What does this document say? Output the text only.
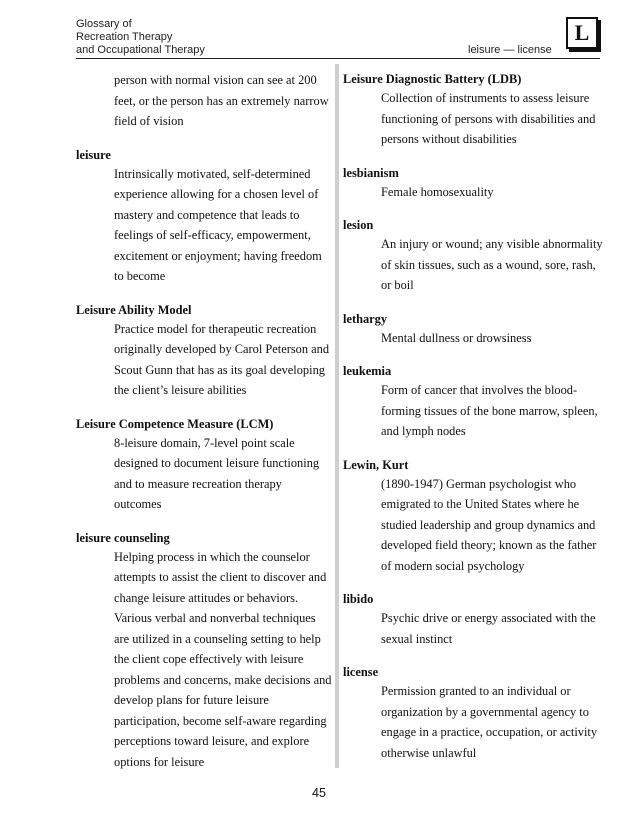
Glossary of
Recreation Therapy
and Occupational Therapy	leisure — license
L
person with normal vision can see at 200 feet, or the person has an extremely narrow field of vision
leisure
Intrinsically motivated, self-determined experience allowing for a chosen level of mastery and competence that leads to feelings of self-efficacy, empowerment, excitement or enjoyment; having freedom to become
Leisure Ability Model
Practice model for therapeutic recreation originally developed by Carol Peterson and Scout Gunn that has as its goal developing the client’s leisure abilities
Leisure Competence Measure (LCM)
8-leisure domain, 7-level point scale designed to document leisure functioning and to measure recreation therapy outcomes
leisure counseling
Helping process in which the counselor attempts to assist the client to discover and change leisure attitudes or behaviors. Various verbal and nonverbal techniques are utilized in a counseling setting to help the client cope effectively with leisure problems and concerns, make decisions and develop plans for future leisure participation, become self-aware regarding perceptions toward leisure, and explore options for leisure
Leisure Diagnostic Battery (LDB)
Collection of instruments to assess leisure functioning of persons with disabilities and persons without disabilities
lesbianism
Female homosexuality
lesion
An injury or wound; any visible abnormality of skin tissues, such as a wound, sore, rash, or boil
lethargy
Mental dullness or drowsiness
leukemia
Form of cancer that involves the blood-forming tissues of the bone marrow, spleen, and lymph nodes
Lewin, Kurt
(1890-1947) German psychologist who emigrated to the United States where he studied leadership and group dynamics and developed field theory; known as the father of modern social psychology
libido
Psychic drive or energy associated with the sexual instinct
license
Permission granted to an individual or organization by a governmental agency to engage in a practice, occupation, or activity otherwise unlawful
45
